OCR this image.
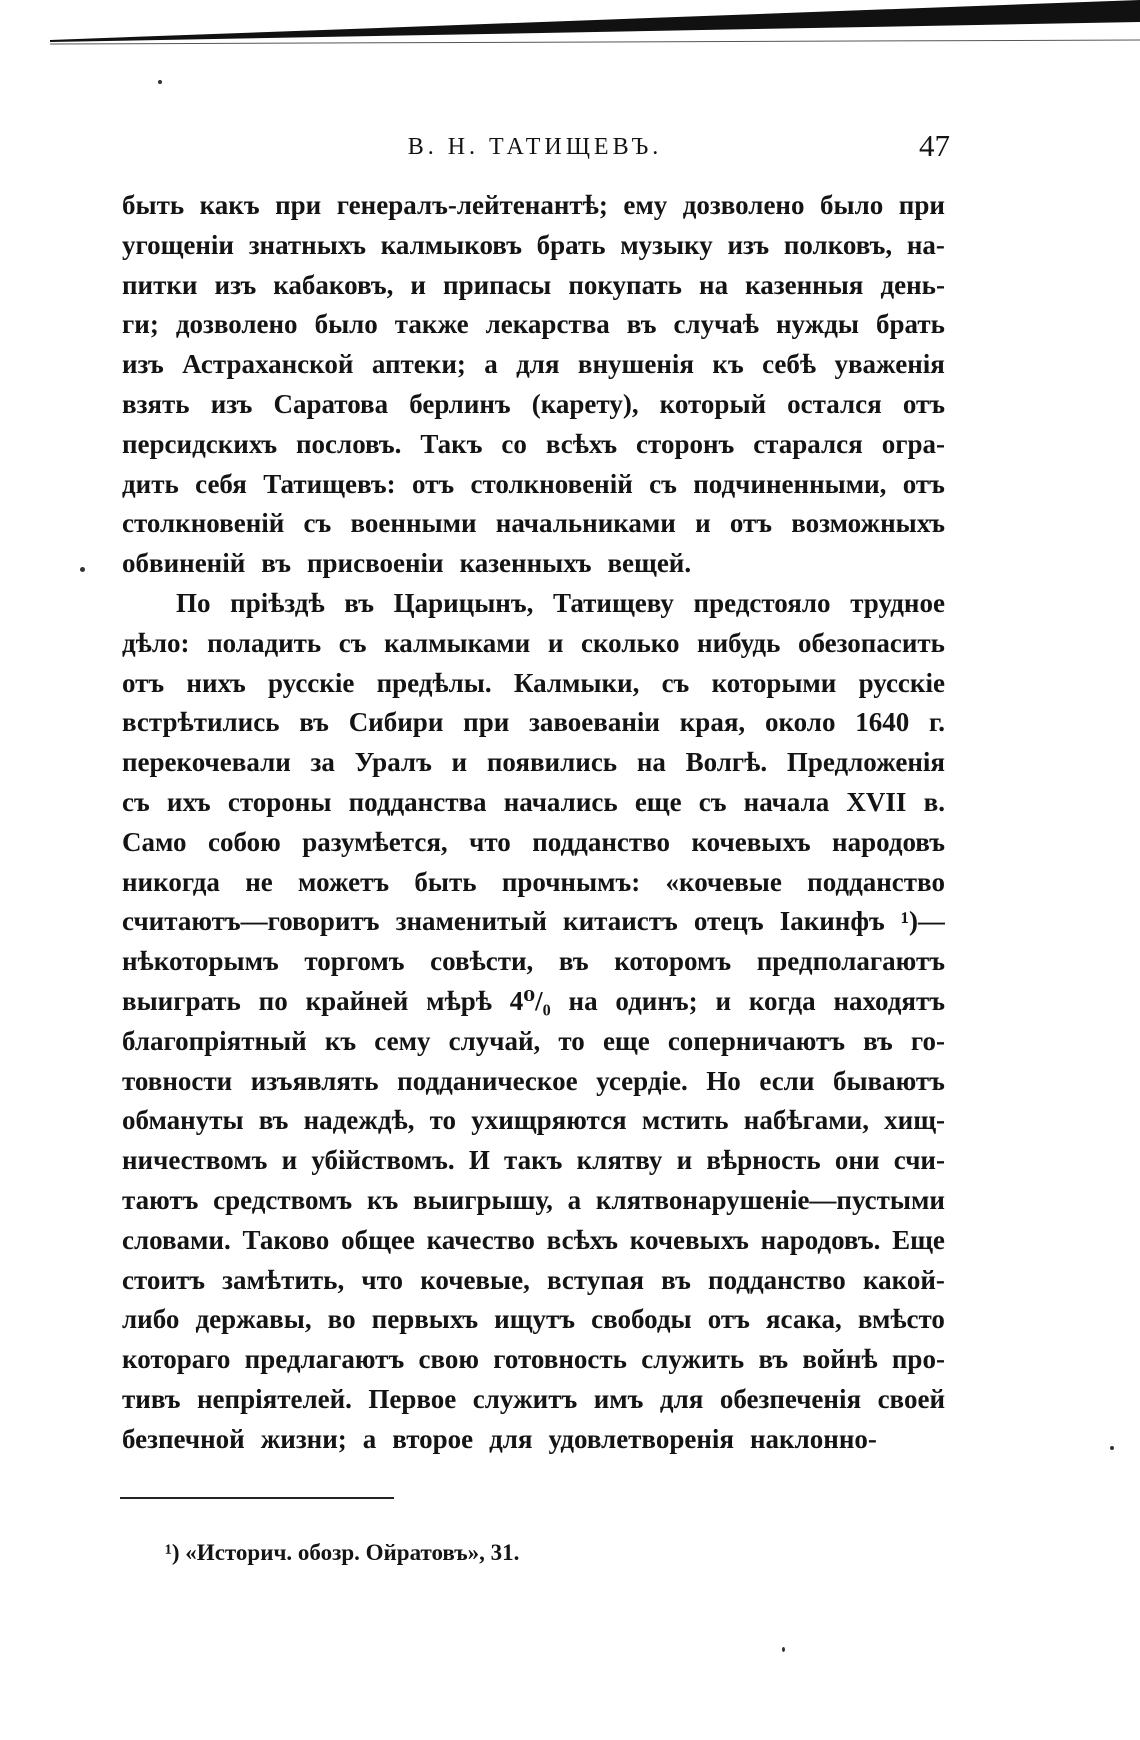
В. Н. ТАТИЩЕВЪ.	47
быть какъ при генералъ-лейтенантѣ; ему дозволено было при
угощеніи знатныхъ калмыковъ брать музыку изъ полковъ, на-
питки изъ кабаковъ, и припасы покупать на казенныя день-
ги; дозволено было также лекарства въ случаѣ нужды брать
изъ Астраханской аптеки; а для внушенія къ себѣ уваженія
взять изъ Саратова берлинъ (карету), который остался отъ
персидскихъ пословъ. Такъ со всѣхъ сторонъ старался огра-
дить себя Татищевъ: отъ столкновеній съ подчиненными, отъ
столкновеній съ военными начальниками и отъ возможныхъ
обвиненій въ присвоеніи казенныхъ вещей.
По пріѣздѣ въ Царицынъ, Татищеву предстояло трудное
дѣло: поладить съ калмыками и сколько нибудь обезопасить
отъ нихъ русскіе предѣлы. Калмыки, съ которыми русскіе
встрѣтились въ Сибири при завоеваніи края, около 1640 г.
перекочевали за Уралъ и появились на Волгѣ. Предложенія
съ ихъ стороны подданства начались еще съ начала XVII в.
Само собою разумѣется, что подданство кочевыхъ народовъ
никогда не можетъ быть прочнымъ: «кочевые подданство
считаютъ—говоритъ знаменитый китаистъ отецъ Іакинфъ ¹)—
нѣкоторымъ торгомъ совѣсти, въ которомъ предполагаютъ
выиграть по крайней мѣрѣ 4⁰/₀ на одинъ; и когда находятъ
благопріятный къ сему случай, то еще соперничаютъ въ го-
товности изъявлять подданическое усердіе. Но если бываютъ
обмануты въ надеждѣ, то ухищряются мстить набѣгами, хищ-
ничествомъ и убійствомъ. И такъ клятву и вѣрность они счи-
таютъ средствомъ къ выигрышу, а клятвонарушеніе—пустыми
словами. Таково общее качество всѣхъ кочевыхъ народовъ. Еще
стоитъ замѣтить, что кочевые, вступая въ подданство какой-
либо державы, во первыхъ ищутъ свободы отъ ясака, вмѣсто
котораго предлагаютъ свою готовность служить въ войнѣ про-
тивъ непріятелей. Первое служитъ имъ для обезпеченія своей
безпечной жизни; а второе для удовлетворенія наклонно-
¹) «Историч. обозр. Ойратовъ», 31.
